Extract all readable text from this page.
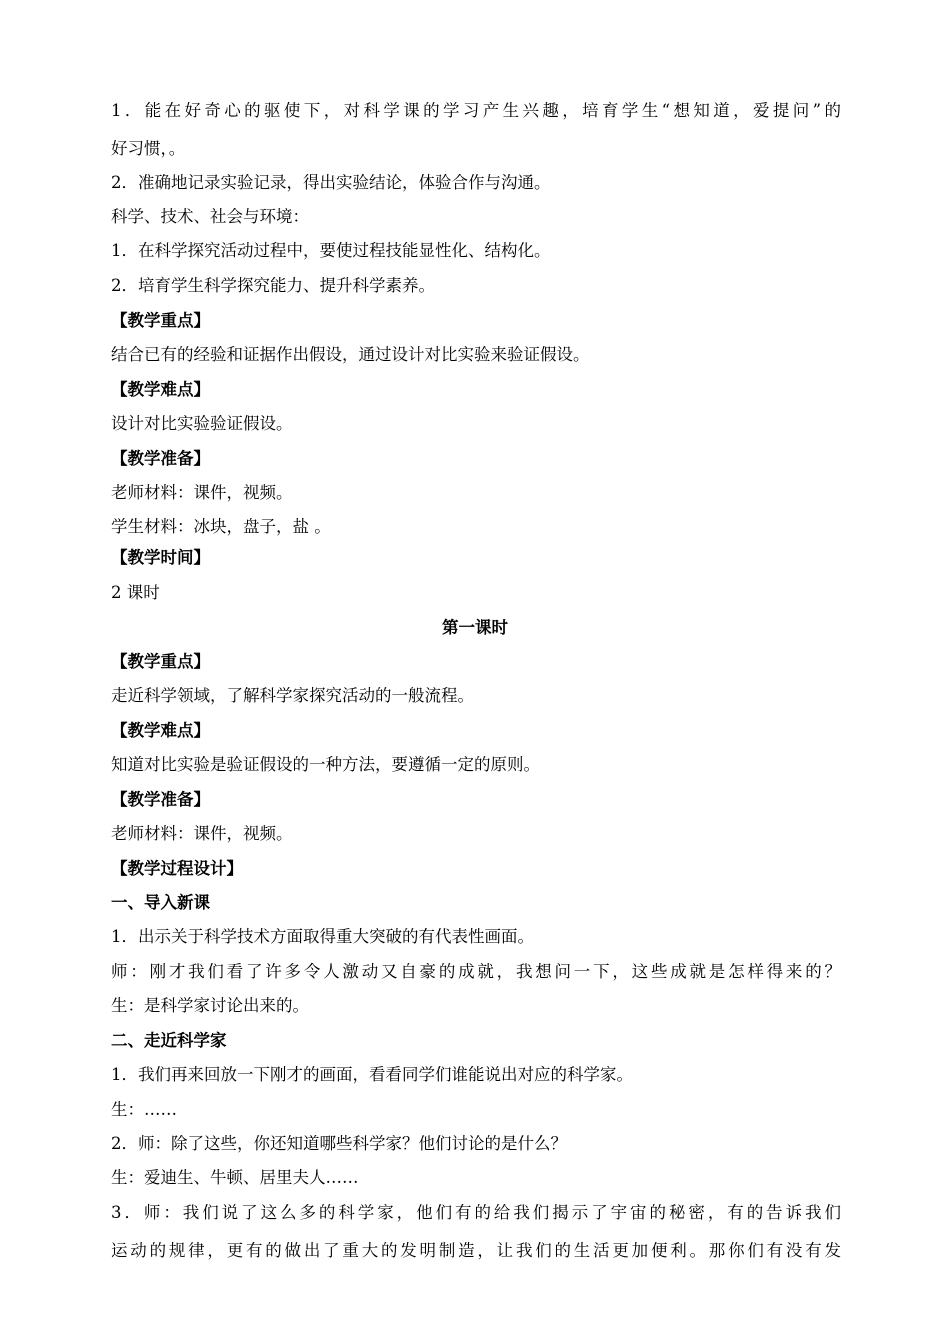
1．能在好奇心的驱使下，对科学课的学习产生兴趣，培育学生“想知道，爱提问”的
好习惯，。
2．准确地记录实验记录，得出实验结论，体验合作与沟通。
科学、技术、社会与环境：
1．在科学探究活动过程中，要使过程技能显性化、结构化。
2．培育学生科学探究能力、提升科学素养。
【教学重点】
结合已有的经验和证据作出假设，通过设计对比实验来验证假设。
【教学难点】
设计对比实验验证假设。
【教学准备】
老师材料：课件，视频。
学生材料：冰块，盘子，盐 。
【教学时间】
2 课时
第一课时
【教学重点】
走近科学领域，了解科学家探究活动的一般流程。
【教学难点】
知道对比实验是验证假设的一种方法，要遵循一定的原则。
【教学准备】
老师材料：课件，视频。
【教学过程设计】
一、导入新课
1．出示关于科学技术方面取得重大突破的有代表性画面。
师：刚才我们看了许多令人激动又自豪的成就，我想问一下，这些成就是怎样得来的？
生：是科学家讨论出来的。
二、走近科学家
1．我们再来回放一下刚才的画面，看看同学们谁能说出对应的科学家。
生：……
2．师：除了这些，你还知道哪些科学家？他们讨论的是什么？
生：爱迪生、牛顿、居里夫人……
3．师：我们说了这么多的科学家，他们有的给我们揭示了宇宙的秘密，有的告诉我们
运动的规律，更有的做出了重大的发明制造，让我们的生活更加便利。那你们有没有发
